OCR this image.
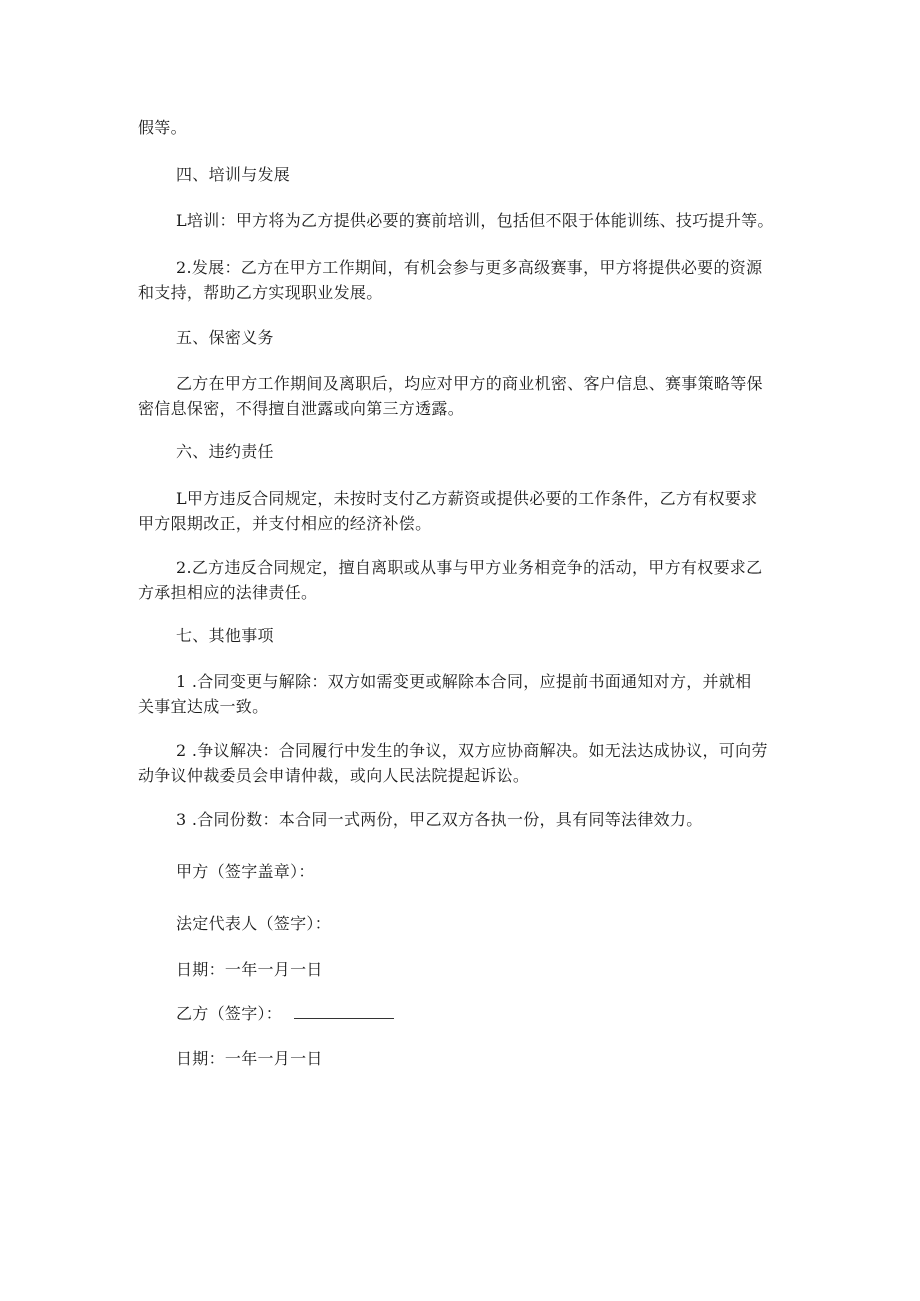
假等。
四、培训与发展
L培训：甲方将为乙方提供必要的赛前培训，包括但不限于体能训练、技巧提升等。
2.发展：乙方在甲方工作期间，有机会参与更多高级赛事，甲方将提供必要的资源
和支持，帮助乙方实现职业发展。
五、保密义务
乙方在甲方工作期间及离职后，均应对甲方的商业机密、客户信息、赛事策略等保
密信息保密，不得擅自泄露或向第三方透露。
六、违约责任
L甲方违反合同规定，未按时支付乙方薪资或提供必要的工作条件，乙方有权要求
甲方限期改正，并支付相应的经济补偿。
2.乙方违反合同规定，擅自离职或从事与甲方业务相竞争的活动，甲方有权要求乙
方承担相应的法律责任。
七、其他事项
1 .合同变更与解除：双方如需变更或解除本合同，应提前书面通知对方，并就相
关事宜达成一致。
2 .争议解决：合同履行中发生的争议，双方应协商解决。如无法达成协议，可向劳
动争议仲裁委员会申请仲裁，或向人民法院提起诉讼。
3 .合同份数：本合同一式两份，甲乙双方各执一份，具有同等法律效力。
甲方（签字盖章）：
法定代表人（签字）：
日期：一年一月一日
乙方（签字）：
日期：一年一月一日
